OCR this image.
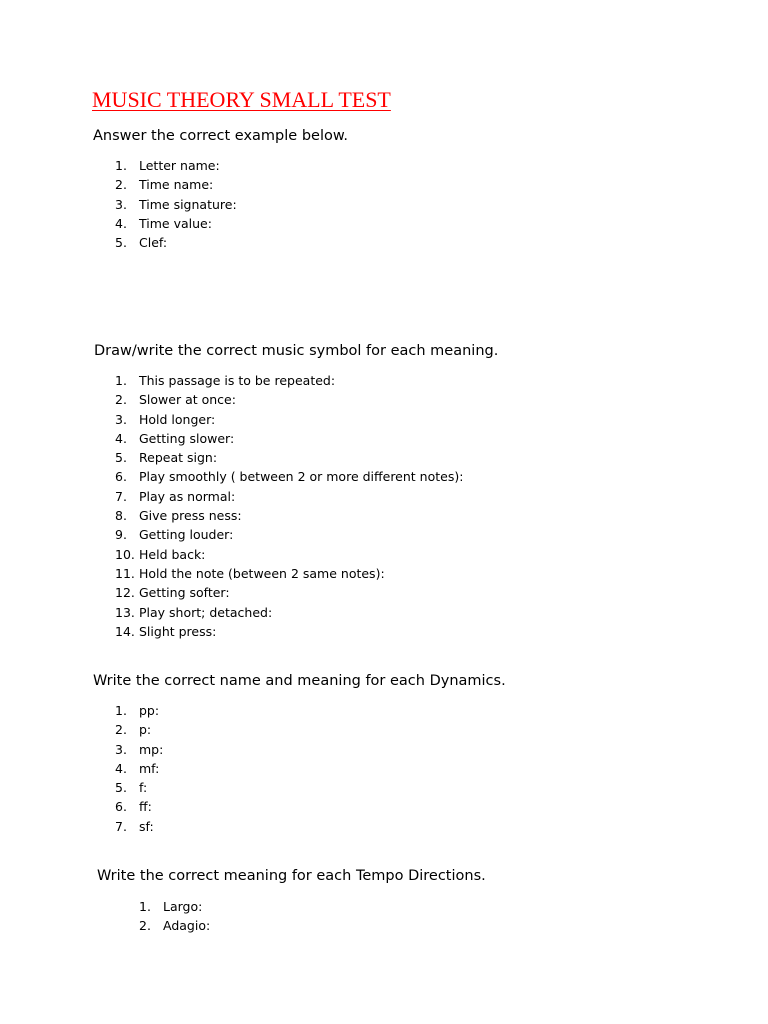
MUSIC THEORY SMALL TEST
Answer the correct example below.
1. Letter name:
2. Time name:
3. Time signature:
4. Time value:
5. Clef:
Draw/write the correct music symbol for each meaning.
1. This passage is to be repeated:
2. Slower at once:
3. Hold longer:
4. Getting slower:
5. Repeat sign:
6. Play smoothly ( between 2 or more different notes):
7. Play as normal:
8. Give press ness:
9. Getting louder:
10. Held back:
11. Hold the note (between 2 same notes):
12. Getting softer:
13. Play short; detached:
14. Slight press:
Write the correct name and meaning for each Dynamics.
1. pp:
2. p:
3. mp:
4. mf:
5. f:
6. ff:
7. sf:
Write the correct meaning for each Tempo Directions.
1. Largo:
2. Adagio:
